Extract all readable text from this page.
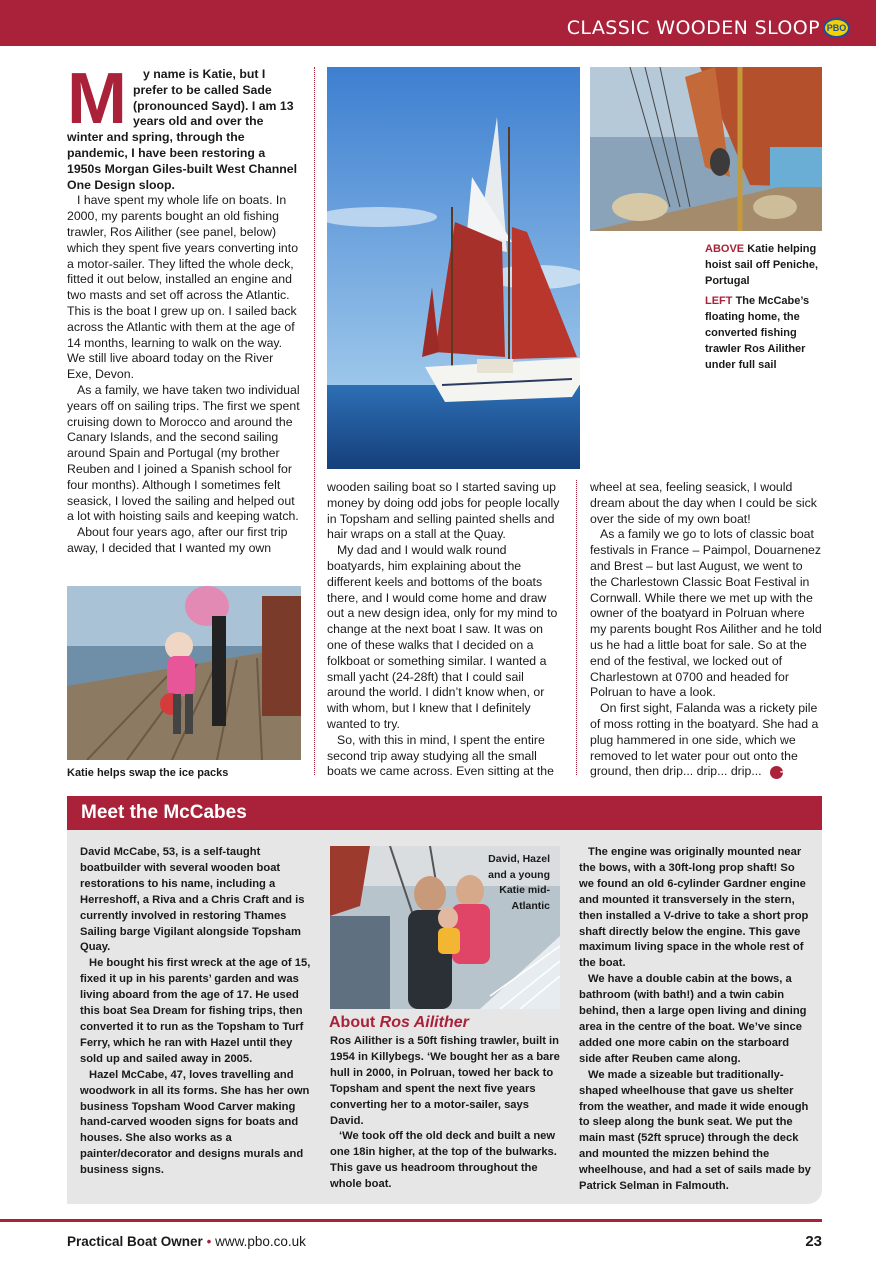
CLASSIC WOODEN SLOOP PBO
M	y name is Katie, but I prefer to be called Sade (pronounced Sayd). I am 13 years old and over the winter and spring, through the pandemic, I have been restoring a 1950s Morgan Giles-built West Channel One Design sloop.

I have spent my whole life on boats. In 2000, my parents bought an old fishing trawler, Ros Ailither (see panel, below) which they spent five years converting into a motor-sailer. They lifted the whole deck, fitted it out below, installed an engine and two masts and set off across the Atlantic. This is the boat I grew up on. I sailed back across the Atlantic with them at the age of 14 months, learning to walk on the way. We still live aboard today on the River Exe, Devon.

As a family, we have taken two individual years off on sailing trips. The first we spent cruising down to Morocco and around the Canary Islands, and the second sailing around Spain and Portugal (my brother Reuben and I joined a Spanish school for four months). Although I sometimes felt seasick, I loved the sailing and helped out a lot with hoisting sails and keeping watch.

About four years ago, after our first trip away, I decided that I wanted my own

Katie helps swap the ice packs
ABOVE Katie helping hoist sail off Peniche, Portugal
LEFT The McCabe’s floating home, the converted fishing trawler Ros Ailither under full sail

wooden sailing boat so I started saving up money by doing odd jobs for people locally in Topsham and selling painted shells and hair wraps on a stall at the Quay.

My dad and I would walk round boatyards, him explaining about the different keels and bottoms of the boats there, and I would come home and draw out a new design idea, only for my mind to change at the next boat I saw. It was on one of these walks that I decided on a folkboat or something similar. I wanted a small yacht (24-28ft) that I could sail around the world. I didn’t know when, or with whom, but I knew that I definitely wanted to try.

So, with this in mind, I spent the entire second trip away studying all the small boats we came across. Even sitting at the

wheel at sea, feeling seasick, I would dream about the day when I could be sick over the side of my own boat!

As a family we go to lots of classic boat festivals in France – Paimpol, Douarnenez and Brest – but last August, we went to the Charlestown Classic Boat Festival in Cornwall. While there we met up with the owner of the boatyard in Polruan where my parents bought Ros Ailither and he told us he had a little boat for sale. So at the end of the festival, we locked out of Charlestown at 0700 and headed for Polruan to have a look.

On first sight, Falanda was a rickety pile of moss rotting in the boatyard. She had a plug hammered in one side, which we removed to let water pour out onto the ground, then drip... drip... drip... ➜

Meet the McCabes

David McCabe, 53, is a self-taught boatbuilder with several wooden boat restorations to his name, including a Herreshoff, a Riva and a Chris Craft and is currently involved in restoring Thames Sailing barge Vigilant alongside Topsham Quay.

He bought his first wreck at the age of 15, fixed it up in his parents’ garden and was living aboard from the age of 17. He used this boat Sea Dream for fishing trips, then converted it to run as the Topsham to Turf Ferry, which he ran with Hazel until they sold up and sailed away in 2005.

Hazel McCabe, 47, loves travelling and woodwork in all its forms. She has her own business Topsham Wood Carver making hand-carved wooden signs for boats and houses. She also works as a painter/decorator and designs murals and business signs.

David, Hazel and a young Katie mid-Atlantic
About Ros Ailither

Ros Ailither is a 50ft fishing trawler, built in 1954 in Killybegs. ‘We bought her as a bare hull in 2000, in Polruan, towed her back to Topsham and spent the next five years converting her to a motor-sailer, says David.

‘We took off the old deck and built a new one 18in higher, at the top of the bulwarks. This gave us headroom throughout the whole boat.

The engine was originally mounted near the bows, with a 30ft-long prop shaft! So we found an old 6-cylinder Gardner engine and mounted it transversely in the stern, then installed a V-drive to take a short prop shaft directly below the engine. This gave maximum living space in the whole rest of the boat.

We have a double cabin at the bows, a bathroom (with bath!) and a twin cabin behind, then a large open living and dining area in the centre of the boat. We’ve since added one more cabin on the starboard side after Reuben came along.

We made a sizeable but traditionally-shaped wheelhouse that gave us shelter from the weather, and made it wide enough to sleep along the bunk seat. We put the main mast (52ft spruce) through the deck and mounted the mizzen behind the wheelhouse, and had a set of sails made by Patrick Selman in Falmouth.

Practical Boat Owner • www.pbo.co.uk	23
